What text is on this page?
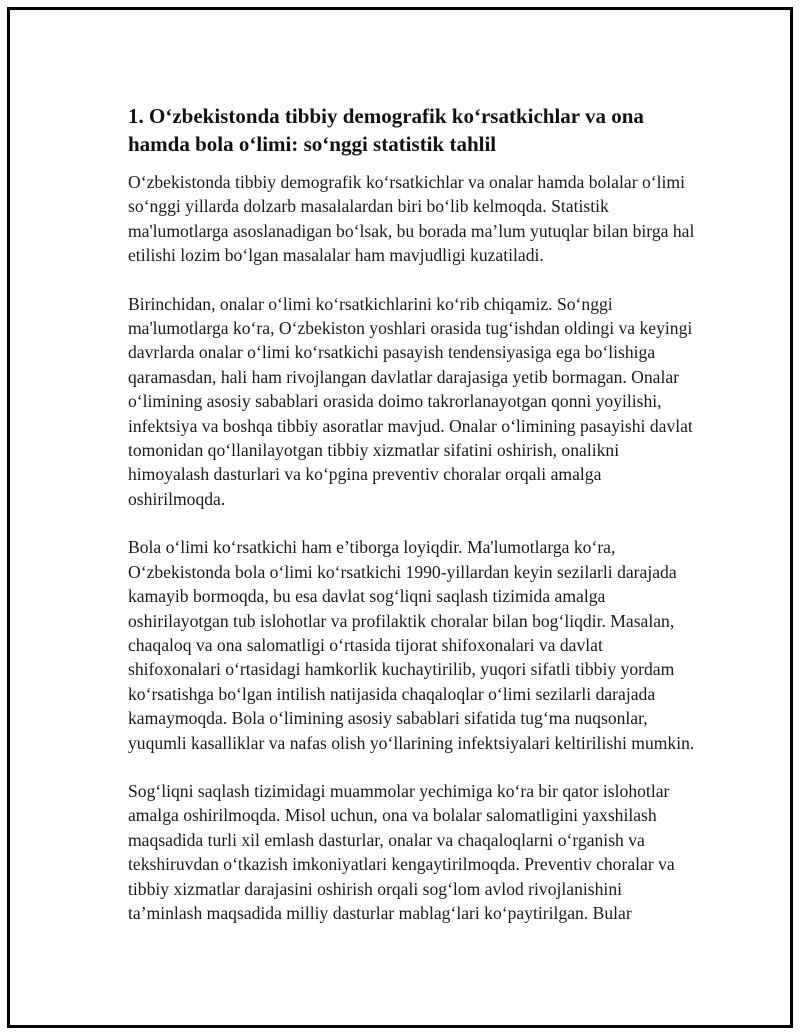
1. O‘zbekistonda tibbiy demografik ko‘rsatkichlar va ona hamda bola o‘limi: so‘nggi statistik tahlil

O‘zbekistonda tibbiy demografik ko‘rsatkichlar va onalar hamda bolalar o‘limi so‘nggi yillarda dolzarb masalalardan biri bo‘lib kelmoqda. Statistik ma'lumotlarga asoslanadigan bo‘lsak, bu borada ma’lum yutuqlar bilan birga hal etilishi lozim bo‘lgan masalalar ham mavjudligi kuzatiladi.

Birinchidan, onalar o‘limi ko‘rsatkichlarini ko‘rib chiqamiz. So‘nggi ma'lumotlarga ko‘ra, O‘zbekiston yoshlari orasida tug‘ishdan oldingi va keyingi davrlarda onalar o‘limi ko‘rsatkichi pasayish tendensiyasiga ega bo‘lishiga qaramasdan, hali ham rivojlangan davlatlar darajasiga yetib bormagan. Onalar o‘limining asosiy sabablari orasida doimo takrorlanayotgan qonni yoyilishi, infektsiya va boshqa tibbiy asoratlar mavjud. Onalar o‘limining pasayishi davlat tomonidan qo‘llanilayotgan tibbiy xizmatlar sifatini oshirish, onalikni himoyalash dasturlari va ko‘pgina preventiv choralar orqali amalga oshirilmoqda.

Bola o‘limi ko‘rsatkichi ham e’tiborga loyiqdir. Ma'lumotlarga ko‘ra, O‘zbekistonda bola o‘limi ko‘rsatkichi 1990-yillardan keyin sezilarli darajada kamayib bormoqda, bu esa davlat sog‘liqni saqlash tizimida amalga oshirilayotgan tub islohotlar va profilaktik choralar bilan bog‘liqdir. Masalan, chaqaloq va ona salomatligi o‘rtasida tijorat shifoxonalari va davlat shifoxonalari o‘rtasidagi hamkorlik kuchaytirilib, yuqori sifatli tibbiy yordam ko‘rsatishga bo‘lgan intilish natijasida chaqaloqlar o‘limi sezilarli darajada kamaymoqda. Bola o‘limining asosiy sabablari sifatida tug‘ma nuqsonlar, yuqumli kasalliklar va nafas olish yo‘llarining infektsiyalari keltirilishi mumkin.

Sog‘liqni saqlash tizimidagi muammolar yechimiga ko‘ra bir qator islohotlar amalga oshirilmoqda. Misol uchun, ona va bolalar salomatligini yaxshilash maqsadida turli xil emlash dasturlar, onalar va chaqaloqlarni o‘rganish va tekshiruvdan o‘tkazish imkoniyatlari kengaytirilmoqda. Preventiv choralar va tibbiy xizmatlar darajasini oshirish orqali sog‘lom avlod rivojlanishini ta’minlash maqsadida milliy dasturlar mablag‘lari ko‘paytirilgan. Bular
